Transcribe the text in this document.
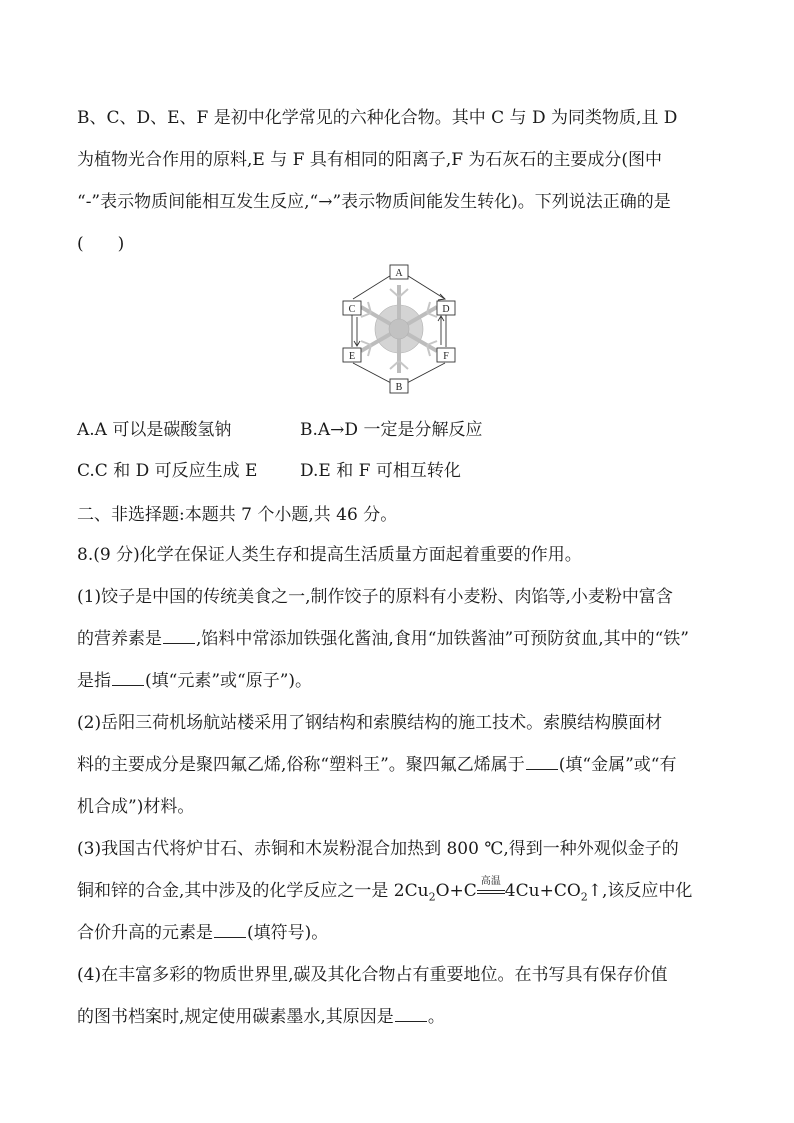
B、C、D、E、F 是初中化学常见的六种化合物。其中 C 与 D 为同类物质,且 D
为植物光合作用的原料,E 与 F 具有相同的阳离子,F 为石灰石的主要成分(图中
“-”表示物质间能相互发生反应,“→”表示物质间能发生转化)。下列说法正确的是
(　　)
A
C	D
E	F
B
A.A 可以是碳酸氢钠	B.A→D 一定是分解反应
C.C 和 D 可反应生成 E	D.E 和 F 可相互转化
二、非选择题:本题共 7 个小题,共 46 分。
8.(9 分)化学在保证人类生存和提高生活质量方面起着重要的作用。
(1)饺子是中国的传统美食之一,制作饺子的原料有小麦粉、肉馅等,小麦粉中富含
的营养素是 ,馅料中常添加铁强化酱油,食用“加铁酱油”可预防贫血,其中的“铁”
是指 (填“元素”或“原子”)。
(2)岳阳三荷机场航站楼采用了钢结构和索膜结构的施工技术。索膜结构膜面材
料的主要成分是聚四氟乙烯,俗称“塑料王”。聚四氟乙烯属于 (填“金属”或“有
机合成”)材料。
(3)我国古代将炉甘石、赤铜和木炭粉混合加热到 800 ℃,得到一种外观似金子的
铜和锌的合金,其中涉及的化学反应之一是 $2Cu_2O+C$ 高温 $4Cu+CO_2↑$,该反应中化
合价升高的元素是 (填符号)。
(4)在丰富多彩的物质世界里,碳及其化合物占有重要地位。在书写具有保存价值
的图书档案时,规定使用碳素墨水,其原因是 。
